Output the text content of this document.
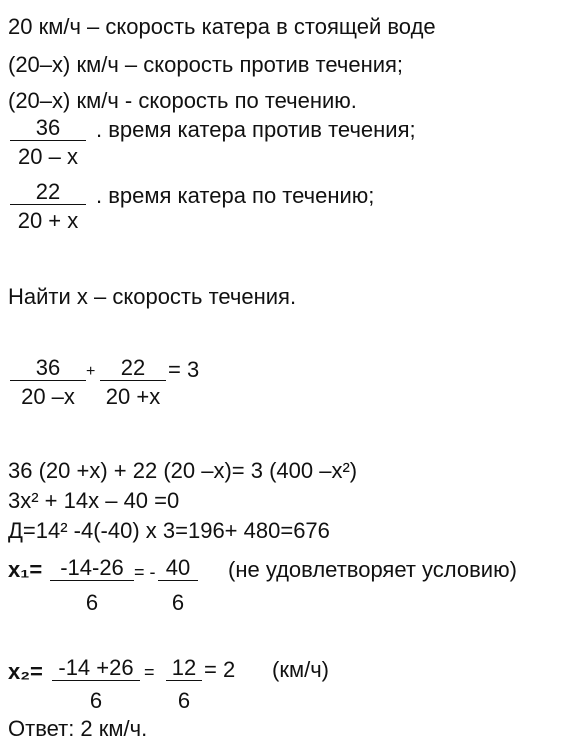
20 км/ч – скорость катера в стоящей воде
(20–х) км/ч – скорость против течения;
(20–х) км/ч - скорость по течению.
36
20 – х
. время катера против течения;
22
20 + х
. время катера по течению;
Найти х – скорость течения.
36
20 –х
+	22
20 +х
= 3
36 (20 +х) + 22 (20 –х)= 3 (400 –х²)
3х² + 14х – 40 =0
Д=14² -4(-40) х 3=196+ 480=676
$х_1= \frac{-14-26}{6}$ = - $\frac{40}{6} (не$ удовлетворяет условию)
$х_2= \frac{-14 +26}{6} = \frac{12}{6} = 2$ (км/ч)
Ответ: 2 км/ч.
